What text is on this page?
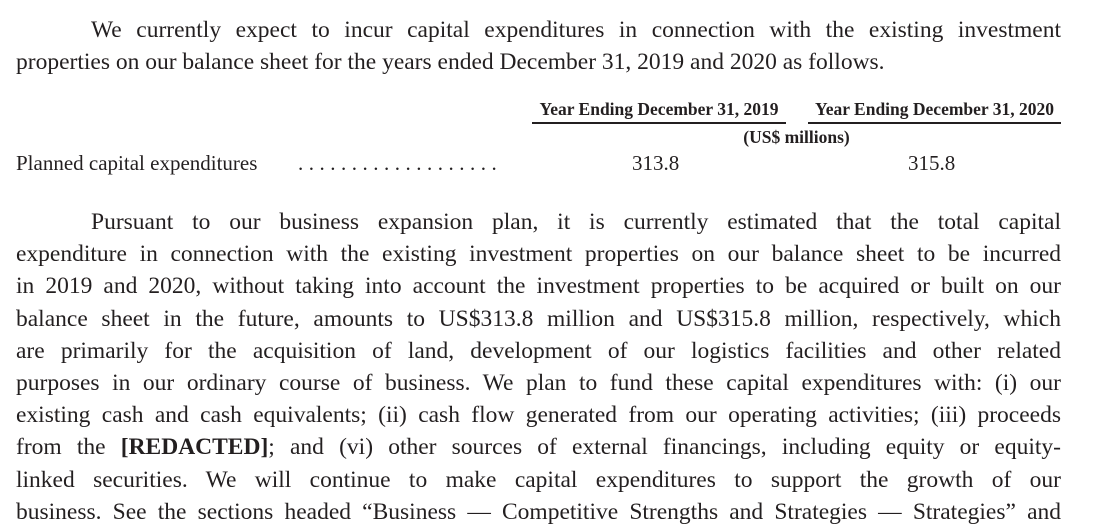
We currently expect to incur capital expenditures in connection with the existing investment
properties on our balance sheet for the years ended December 31, 2019 and 2020 as follows.
Year Ending December 31, 2019	Year Ending December 31, 2020
(US$ millions)
Planned capital expenditures ...................	313.8	315.8
Pursuant to our business expansion plan, it is currently estimated that the total capital
expenditure in connection with the existing investment properties on our balance sheet to be incurred
in 2019 and 2020, without taking into account the investment properties to be acquired or built on our
balance sheet in the future, amounts to US$313.8 million and US$315.8 million, respectively, which
are primarily for the acquisition of land, development of our logistics facilities and other related
purposes in our ordinary course of business. We plan to fund these capital expenditures with: (i) our
existing cash and cash equivalents; (ii) cash flow generated from our operating activities; (iii) proceeds
from the [REDACTED]; and (vi) other sources of external financings, including equity or equity-
linked securities. We will continue to make capital expenditures to support the growth of our
business. See the sections headed “Business — Competitive Strengths and Strategies — Strategies” and
